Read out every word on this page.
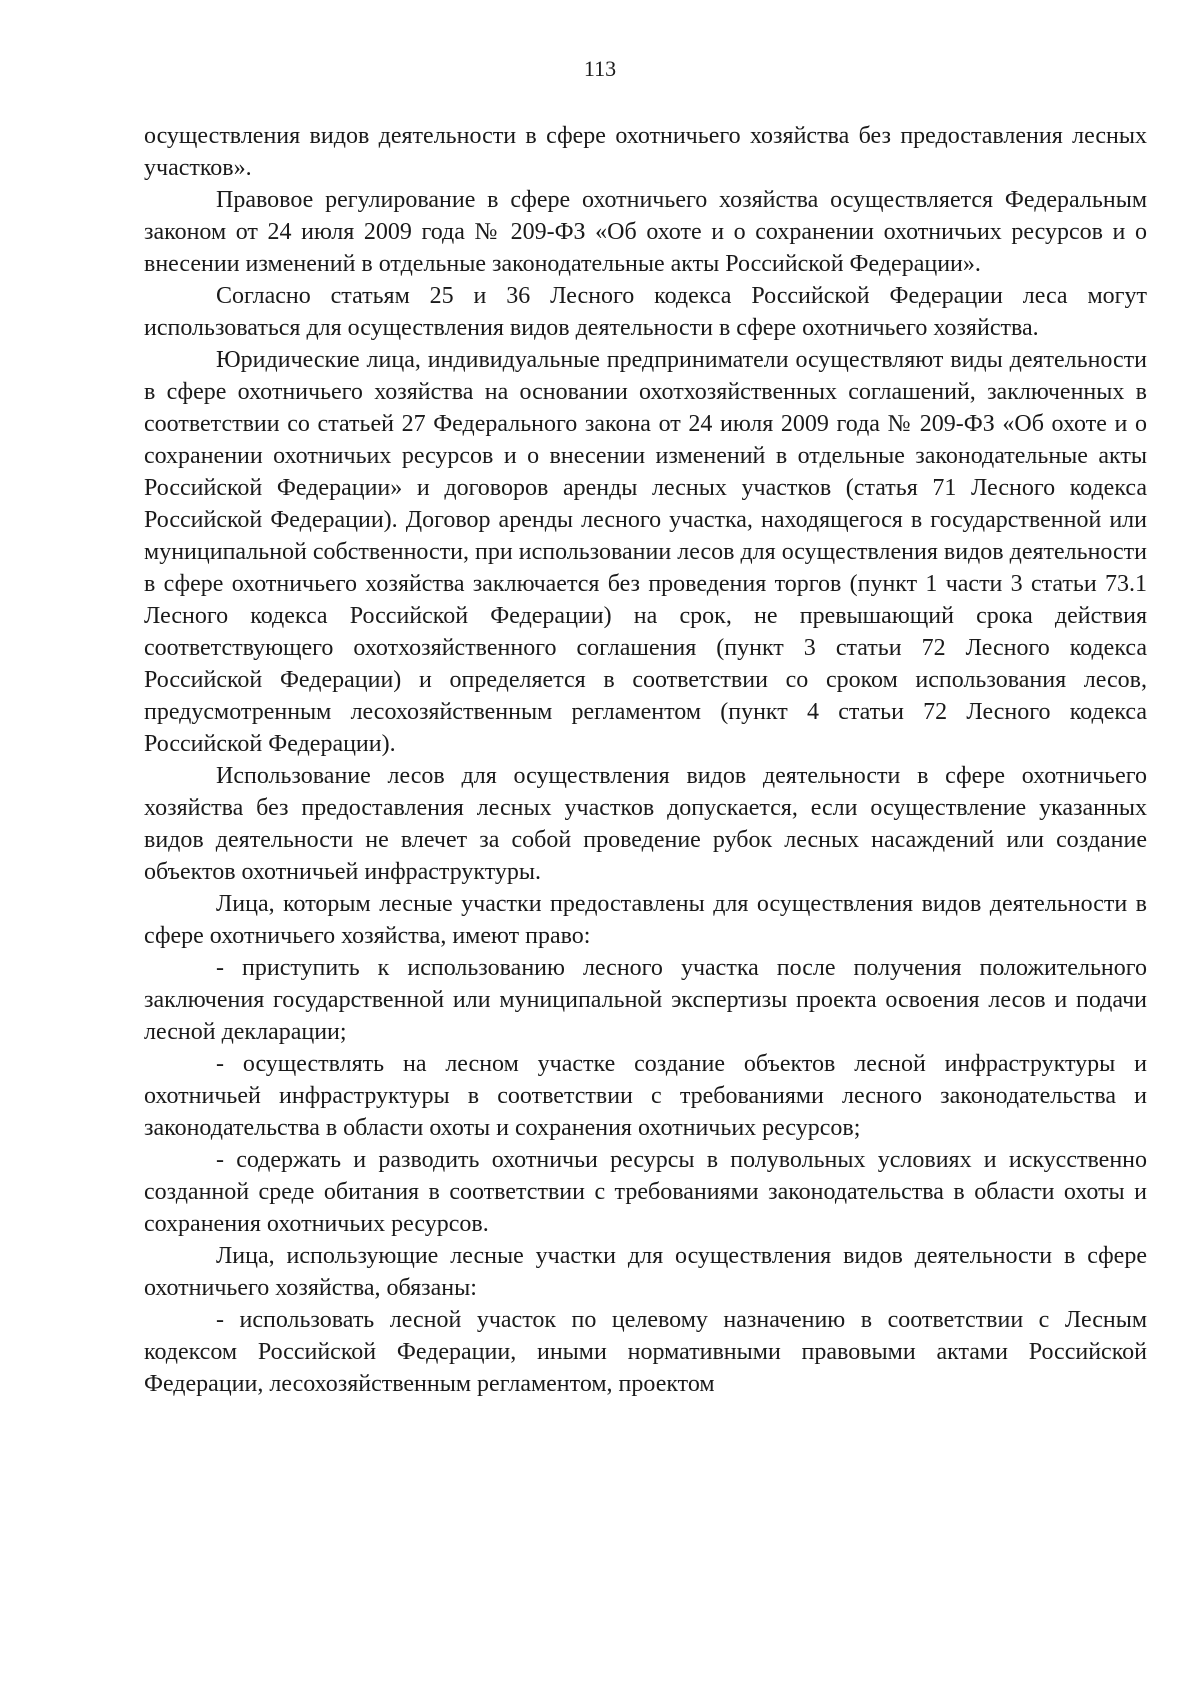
113

осуществления видов деятельности в сфере охотничьего хозяйства без предоставления лесных участков».

Правовое регулирование в сфере охотничьего хозяйства осуществляется Федеральным законом от 24 июля 2009 года № 209-ФЗ «Об охоте и о сохранении охотничьих ресурсов и о внесении изменений в отдельные законодательные акты Российской Федерации».

Согласно статьям 25 и 36 Лесного кодекса Российской Федерации леса могут использоваться для осуществления видов деятельности в сфере охотничьего хозяйства.

Юридические лица, индивидуальные предприниматели осуществляют виды деятельности в сфере охотничьего хозяйства на основании охотхозяйственных соглашений, заключенных в соответствии со статьей 27 Федерального закона от 24 июля 2009 года № 209-ФЗ «Об охоте и о сохранении охотничьих ресурсов и о внесении изменений в отдельные законодательные акты Российской Федерации» и договоров аренды лесных участков (статья 71 Лесного кодекса Российской Федерации). Договор аренды лесного участка, находящегося в государственной или муниципальной собственности, при использовании лесов для осуществления видов деятельности в сфере охотничьего хозяйства заключается без проведения торгов (пункт 1 части 3 статьи 73.1 Лесного кодекса Российской Федерации) на срок, не превышающий срока действия соответствующего охотхозяйственного соглашения (пункт 3 статьи 72 Лесного кодекса Российской Федерации) и определяется в соответствии со сроком использования лесов, предусмотренным лесохозяйственным регламентом (пункт 4 статьи 72 Лесного кодекса Российской Федерации).

Использование лесов для осуществления видов деятельности в сфере охотничьего хозяйства без предоставления лесных участков допускается, если осуществление указанных видов деятельности не влечет за собой проведение рубок лесных насаждений или создание объектов охотничьей инфраструктуры.

Лица, которым лесные участки предоставлены для осуществления видов деятельности в сфере охотничьего хозяйства, имеют право:

- приступить к использованию лесного участка после получения положительного заключения государственной или муниципальной экспертизы проекта освоения лесов и подачи лесной декларации;

- осуществлять на лесном участке создание объектов лесной инфраструктуры и охотничьей инфраструктуры в соответствии с требованиями лесного законодательства и законодательства в области охоты и сохранения охотничьих ресурсов;

- содержать и разводить охотничьи ресурсы в полувольных условиях и искусственно созданной среде обитания в соответствии с требованиями законодательства в области охоты и сохранения охотничьих ресурсов.

Лица, использующие лесные участки для осуществления видов деятельности в сфере охотничьего хозяйства, обязаны:

- использовать лесной участок по целевому назначению в соответствии с Лесным кодексом Российской Федерации, иными нормативными правовыми актами Российской Федерации, лесохозяйственным регламентом, проектом
